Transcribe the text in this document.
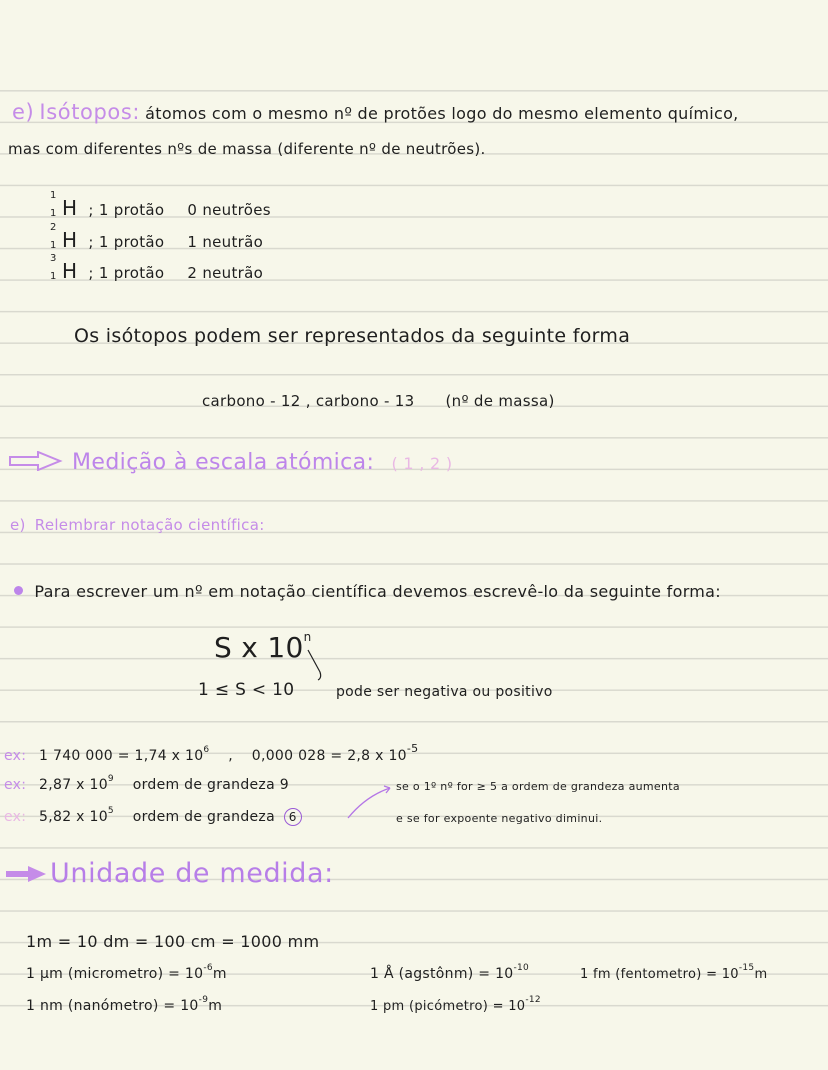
e) Isótopos: átomos com o mesmo nº de protões logo do mesmo elemento químico,
mas com diferentes nºs de massa (diferente nº de neutrões).
1
1 H ; 1 protão 0 neutrões
2
1 H ; 1 protão 1 neutrão
3
1 H ; 1 protão 2 neutrão
Os isótopos podem ser representados da seguinte forma
carbono - 12 , carbono - 13 (nº de massa)
Medição à escala atómica: ( 1 , 2 )
e) Relembrar notação científica:
Para escrever um nº em notação científica devemos escrevê-lo da seguinte forma:
S x 10$^n$
1 ≤ S < 10	pode ser negativa ou positivo
ex: 1 740 000 = 1,74 x $10^6$ , 0,000 028 = 2,8 x $10^{-5}$
ex: 2,87 x $10^9$ ordem de grandeza 9
ex: 5,82 x $10^5$ ordem de grandeza 6
se o 1º nº for ≥ 5 a ordem de grandeza aumenta
e se for expoente negativo diminui.
Unidade de medida:
1m = 10 dm = 100 cm = 1000 mm
1 μm (micrometro) = $10^{-6}m$
1 nm (nanómetro) = $10^{-9}m$
1 Å (agstônm) = $10^{-10}$
1 pm (picómetro) = $10^{-12}$
1 fm (fentometro) = $10^{-15}m$
